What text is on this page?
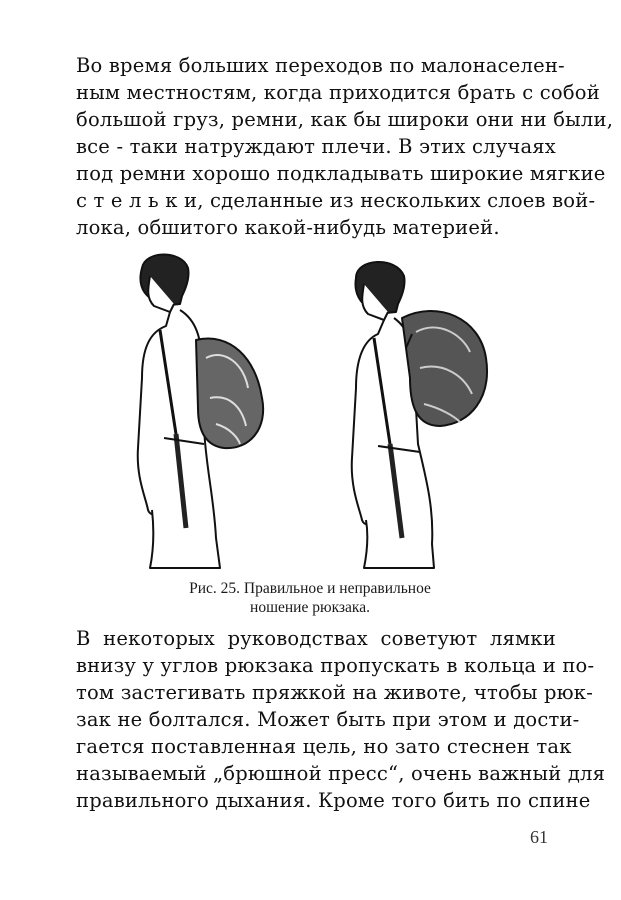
Во время больших переходов по малонаселен-
ным местностям, когда приходится брать с собой
большой груз, ремни, как бы широки они ни были,
все - таки натруждают плечи. В этих случаях
под ремни хорошо подкладывать широкие мягкие
с т е л ь к и, сделанные из нескольких слоев вой-
лока, обшитого какой-нибудь материей.
Рис. 25. Правильное и неправильное
ношение рюкзака.
В некоторых руководствах советуют лямки
внизу у углов рюкзака пропускать в кольца и по-
том застегивать пряжкой на животе, чтобы рюк-
зак не болтался. Может быть при этом и дости-
гается поставленная цель, но зато стеснен так
называемый „брюшной пресс“, очень важный для
правильного дыхания. Кроме того бить по спине
61
